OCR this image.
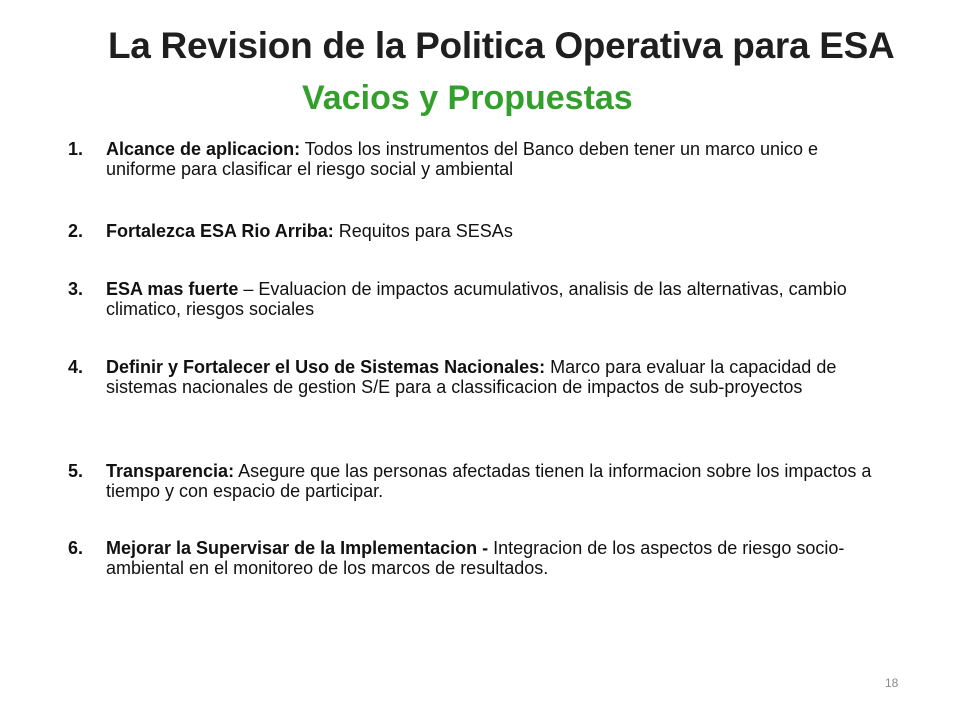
La Revision de la Politica Operativa para ESA
Vacios y Propuestas
1. Alcance de aplicacion: Todos los instrumentos del Banco deben tener un marco unico e uniforme para clasificar el riesgo social y ambiental
2. Fortalezca ESA Rio Arriba: Requitos para SESAs
3. ESA mas fuerte – Evaluacion de impactos acumulativos, analisis de las alternativas, cambio climatico, riesgos sociales
4. Definir y Fortalecer el Uso de Sistemas Nacionales: Marco para evaluar la capacidad de sistemas nacionales de gestion S/E para a classificacion de impactos de sub-proyectos
5. Transparencia: Asegure que las personas afectadas tienen la informacion sobre los impactos a tiempo y con espacio de participar.
6. Mejorar la Supervisar de la Implementacion - Integracion de los aspectos de riesgo socio-ambiental en el monitoreo de los marcos de resultados.
18
